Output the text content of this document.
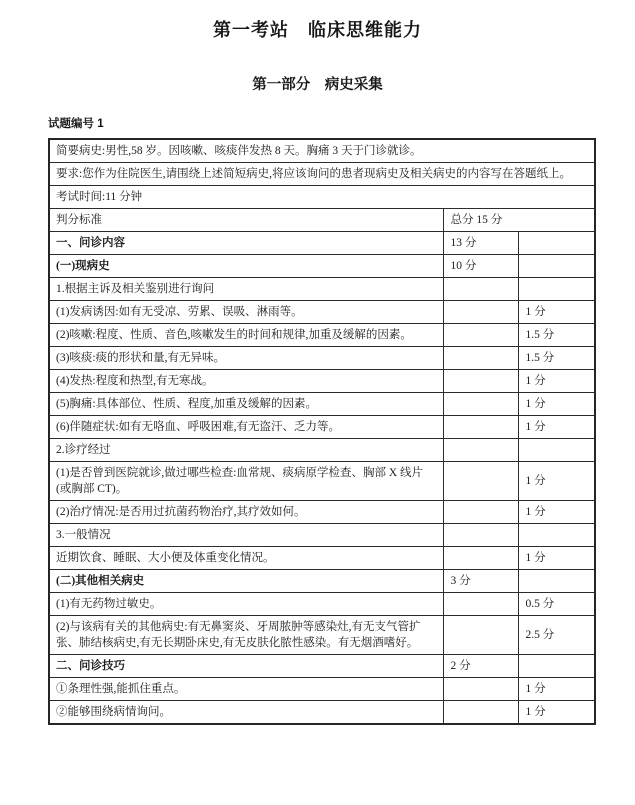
第一考站　临床思维能力
第一部分　病史采集
试题编号 1
简要病史:男性,58 岁。因咳嗽、咳痰伴发热 8 天。胸痛 3 天于门诊就诊。		
要求:您作为住院医生,请围绕上述简短病史,将应该询问的患者现病史及相关病史的内容写在答题纸上。		
考试时间:11 分钟		
判分标准	总分 15 分	
一、问诊内容	13 分	
(一)现病史	10 分	
1.根据主诉及相关鉴别进行询问		
(1)发病诱因:如有无受凉、劳累、误吸、淋雨等。		1 分
(2)咳嗽:程度、性质、音色,咳嗽发生的时间和规律,加重及缓解的因素。		1.5 分
(3)咳痰:痰的形状和量,有无异味。		1.5 分
(4)发热:程度和热型,有无寒战。		1 分
(5)胸痛:具体部位、性质、程度,加重及缓解的因素。		1 分
(6)伴随症状:如有无咯血、呼吸困难,有无盗汗、乏力等。		1 分
2.诊疗经过		
(1)是否曾到医院就诊,做过哪些检查:血常规、痰病原学检查、胸部 X 线片(或胸部 CT)。		1 分
(2)治疗情况:是否用过抗菌药物治疗,其疗效如何。		1 分
3.一般情况		
近期饮食、睡眠、大小便及体重变化情况。		1 分
(二)其他相关病史	3 分	
(1)有无药物过敏史。		0.5 分
(2)与该病有关的其他病史:有无鼻窦炎、牙周脓肿等感染灶,有无支气管扩张、肺结核病史,有无长期卧床史,有无皮肤化脓性感染。有无烟酒嗜好。		2.5 分
二、问诊技巧	2 分	
①条理性强,能抓住重点。		1 分
②能够围绕病情询问。		1 分
